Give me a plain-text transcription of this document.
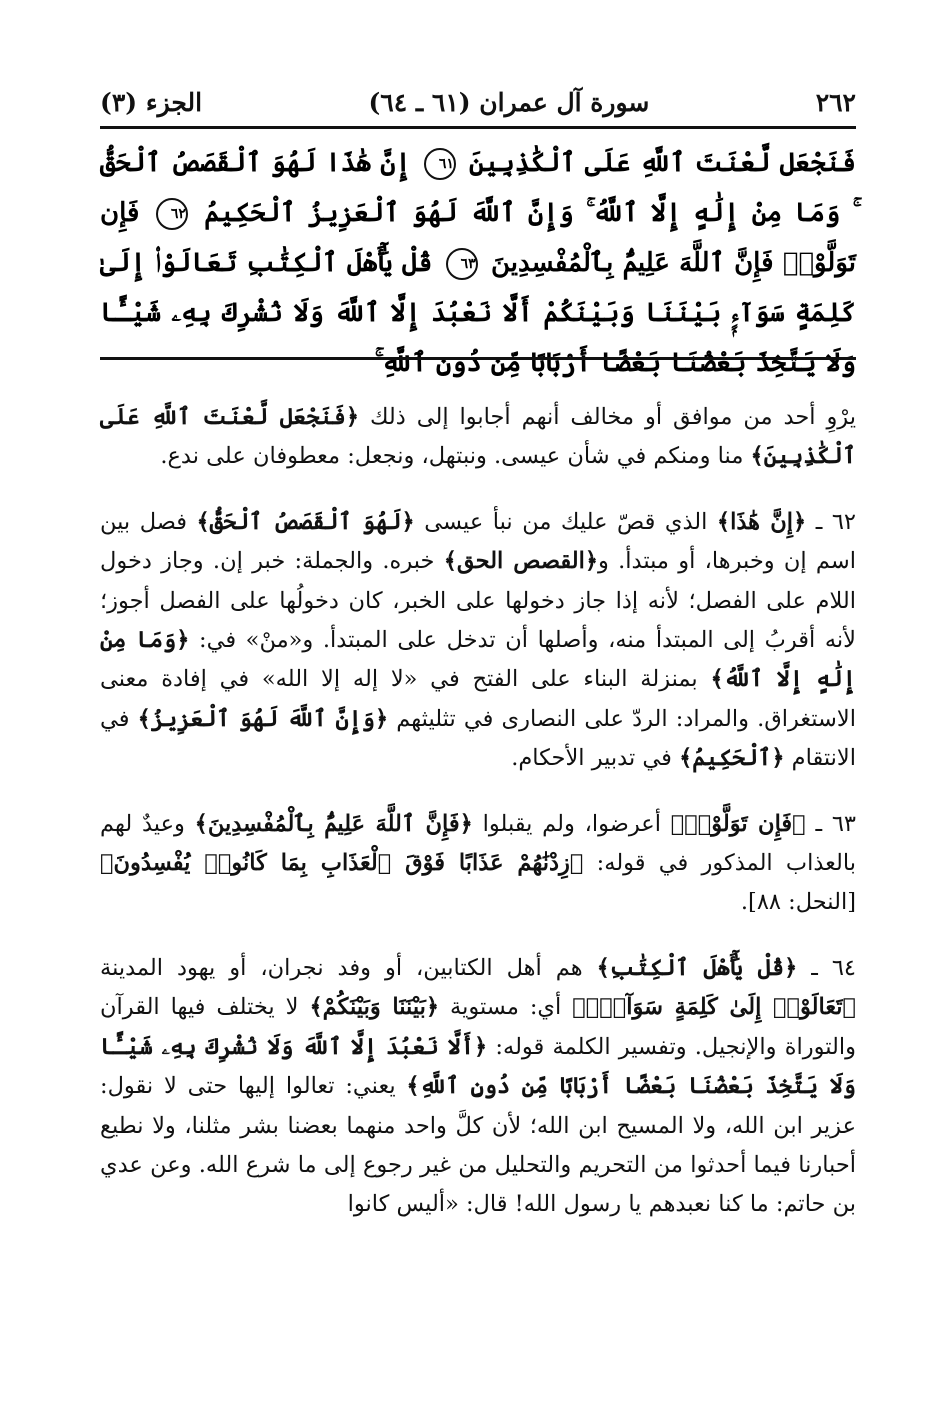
الجزء (٣)	سورة آل عمران (٦١ ـ ٦٤)	٢٦٢
فَنَجْعَل لَّعْنَتَ ٱللَّهِ عَلَى ٱلْكَٰذِبِينَ ٦١ إِنَّ هَٰذَا لَهُوَ ٱلْقَصَصُ ٱلْحَقُّ ۚ وَمَا مِنْ إِلَٰهٍ إِلَّا ٱللَّهُ ۚ وَإِنَّ ٱللَّهَ لَهُوَ ٱلْعَزِيزُ ٱلْحَكِيمُ ٦٢ فَإِن تَوَلَّوْا۟ فَإِنَّ ٱللَّهَ عَلِيمٌۢ بِٱلْمُفْسِدِينَ ٦٣ قُلْ يَٰٓأَهْلَ ٱلْكِتَٰبِ تَعَالَوْا۟ إِلَىٰ كَلِمَةٍ سَوَآءٍۭ بَيْنَنَا وَبَيْنَكُمْ أَلَّا نَعْبُدَ إِلَّا ٱللَّهَ وَلَا نُشْرِكَ بِهِۦ شَيْـًٔا وَلَا يَتَّخِذَ بَعْضُنَا بَعْضًا أَرْبَابًا مِّن دُونِ ٱللَّهِ ۚ

يرْوِ أحد من موافق أو مخالف أنهم أجابوا إلى ذلك ﴿فَنَجْعَل لَّعْنَتَ ٱللَّهِ عَلَى ٱلْكَٰذِبِينَ﴾ منا ومنكم في شأن عيسى. ونبتهل، ونجعل: معطوفان على ندع.

٦٢ ـ ﴿إِنَّ هَٰذَا﴾ الذي قصّ عليك من نبأ عيسى ﴿لَهُوَ ٱلْقَصَصُ ٱلْحَقُّ﴾ فصل بين اسم إن وخبرها، أو مبتدأ. و﴿القصص الحق﴾ خبره. والجملة: خبر إن. وجاز دخول اللام على الفصل؛ لأنه إذا جاز دخولها على الخبر، كان دخولُها على الفصل أجوز؛ لأنه أقربُ إلى المبتدأ منه، وأصلها أن تدخل على المبتدأ. و«منْ» في: ﴿وَمَا مِنْ إِلَٰهٍ إِلَّا ٱللَّهُ﴾ بمنزلة البناء على الفتح في «لا إله إلا الله» في إفادة معنى الاستغراق. والمراد: الردّ على النصارى في تثليثهم ﴿وَإِنَّ ٱللَّهَ لَهُوَ ٱلْعَزِيزُ﴾ في الانتقام ﴿ٱلْحَكِيمُ﴾ في تدبير الأحكام.

٦٣ ـ ﴿فَإِن تَوَلَّوْا۟﴾ أعرضوا، ولم يقبلوا ﴿فَإِنَّ ٱللَّهَ عَلِيمٌۢ بِٱلْمُفْسِدِينَ﴾ وعيدٌ لهم بالعذاب المذكور في قوله: ﴿زِدْنَٰهُمْ عَذَابًا فَوْقَ ٱلْعَذَابِ بِمَا كَانُوا۟ يُفْسِدُونَ﴾ [النحل: ٨٨].

٦٤ ـ ﴿قُلْ يَٰٓأَهْلَ ٱلْكِتَٰبِ﴾ هم أهل الكتابين، أو وفد نجران، أو يهود المدينة ﴿تَعَالَوْا۟ إِلَىٰ كَلِمَةٍ سَوَآءٍۭ﴾ أي: مستوية ﴿بَيْنَنَا وَبَيْنَكُمْ﴾ لا يختلف فيها القرآن والتوراة والإنجيل. وتفسير الكلمة قوله: ﴿أَلَّا نَعْبُدَ إِلَّا ٱللَّهَ وَلَا نُشْرِكَ بِهِۦ شَيْـًٔا وَلَا يَتَّخِذَ بَعْضُنَا بَعْضًا أَرْبَابًا مِّن دُونِ ٱللَّهِ﴾ يعني: تعالوا إليها حتى لا نقول: عزير ابن الله، ولا المسيح ابن الله؛ لأن كلَّ واحد منهما بعضنا بشر مثلنا، ولا نطيع أحبارنا فيما أحدثوا من التحريم والتحليل من غير رجوع إلى ما شرع الله. وعن عدي بن حاتم: ما كنا نعبدهم يا رسول الله! قال: «أليس كانوا
